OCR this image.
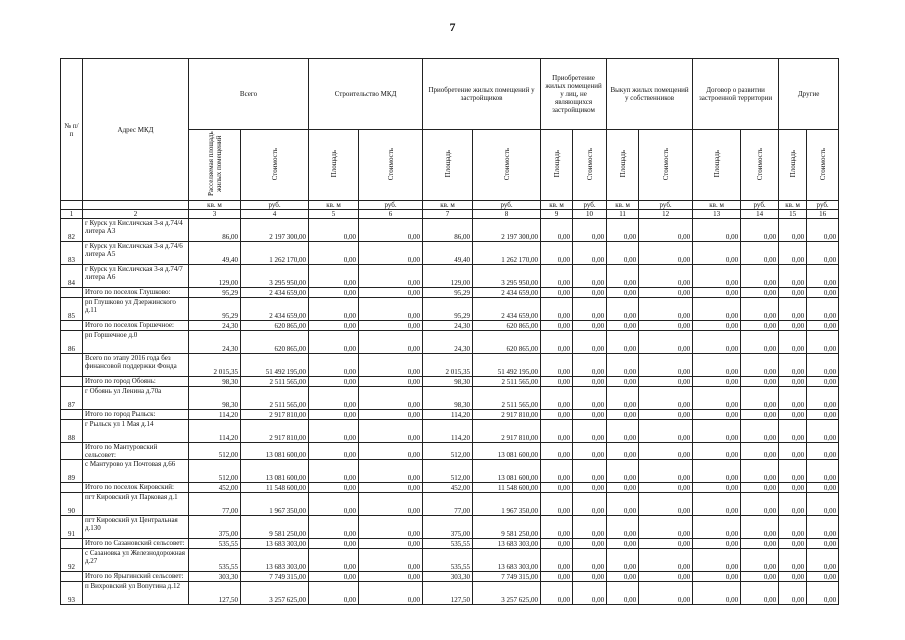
7
№ п/п	Адрес МКД	Всего		Строительство МКД		Приобретение жилых помещений у застройщиков		Приобретение жилых помещений у лиц, не являющихся застройщиком		Выкуп жилых помещений у собственников		Договор о развитии застроенной территории		Другие	
		Расселяемая площадь жилых помещений	Стоимость	Площадь	Стоимость	Площадь	Стоимость	Площадь	Стоимость	Площадь	Стоимость	Площадь	Стоимость	Площадь	Стоимость
		кв. м	руб.	кв. м	руб.	кв. м	руб.	кв. м	руб.	кв. м	руб.	кв. м	руб.	кв. м	руб.
1	2	3	4	5	6	7	8	9	10	11	12	13	14	15	16
82	г Курск ул Кисличская 3-я д.74/4 литера А3	86,00	2 197 300,00	0,00	0,00	86,00	2 197 300,00	0,00	0,00	0,00	0,00	0,00	0,00	0,00	0,00
83	г Курск ул Кисличская 3-я д.74/6 литера А5	49,40	1 262 170,00	0,00	0,00	49,40	1 262 170,00	0,00	0,00	0,00	0,00	0,00	0,00	0,00	0,00
84	г Курск ул Кисличская 3-я д.74/7 литера А6	129,00	3 295 950,00	0,00	0,00	129,00	3 295 950,00	0,00	0,00	0,00	0,00	0,00	0,00	0,00	0,00
	Итого по поселок Глушково:	95,29	2 434 659,00	0,00	0,00	95,29	2 434 659,00	0,00	0,00	0,00	0,00	0,00	0,00	0,00	0,00
85	рп Глушково ул Дзержинского д.11	95,29	2 434 659,00	0,00	0,00	95,29	2 434 659,00	0,00	0,00	0,00	0,00	0,00	0,00	0,00	0,00
	Итого по поселок Горшечное:	24,30	620 865,00	0,00	0,00	24,30	620 865,00	0,00	0,00	0,00	0,00	0,00	0,00	0,00	0,00
86	рп Горшечное д.0	24,30	620 865,00	0,00	0,00	24,30	620 865,00	0,00	0,00	0,00	0,00	0,00	0,00	0,00	0,00
	Всего по этапу 2016 года без финансовой поддержки Фонда	2 015,35	51 492 195,00	0,00	0,00	2 015,35	51 492 195,00	0,00	0,00	0,00	0,00	0,00	0,00	0,00	0,00
	Итого по город Обоянь:	98,30	2 511 565,00	0,00	0,00	98,30	2 511 565,00	0,00	0,00	0,00	0,00	0,00	0,00	0,00	0,00
87	г Обоянь ул Ленина д.70а	98,30	2 511 565,00	0,00	0,00	98,30	2 511 565,00	0,00	0,00	0,00	0,00	0,00	0,00	0,00	0,00
	Итого по город Рыльск:	114,20	2 917 810,00	0,00	0,00	114,20	2 917 810,00	0,00	0,00	0,00	0,00	0,00	0,00	0,00	0,00
88	г Рыльск ул 1 Мая д.14	114,20	2 917 810,00	0,00	0,00	114,20	2 917 810,00	0,00	0,00	0,00	0,00	0,00	0,00	0,00	0,00
	Итого по Мантуровский сельсовет:	512,00	13 081 600,00	0,00	0,00	512,00	13 081 600,00	0,00	0,00	0,00	0,00	0,00	0,00	0,00	0,00
89	с Мантурово ул Почтовая д.66	512,00	13 081 600,00	0,00	0,00	512,00	13 081 600,00	0,00	0,00	0,00	0,00	0,00	0,00	0,00	0,00
	Итого по поселок Кировский:	452,00	11 548 600,00	0,00	0,00	452,00	11 548 600,00	0,00	0,00	0,00	0,00	0,00	0,00	0,00	0,00
90	пгт Кировский ул Парковая д.1	77,00	1 967 350,00	0,00	0,00	77,00	1 967 350,00	0,00	0,00	0,00	0,00	0,00	0,00	0,00	0,00
91	пгт Кировский ул Центральная д.130	375,00	9 581 250,00	0,00	0,00	375,00	9 581 250,00	0,00	0,00	0,00	0,00	0,00	0,00	0,00	0,00
	Итого по Сазановский сельсовет:	535,55	13 683 303,00	0,00	0,00	535,55	13 683 303,00	0,00	0,00	0,00	0,00	0,00	0,00	0,00	0,00
92	с Сазановка ул Железнодорожная д.27	535,55	13 683 303,00	0,00	0,00	535,55	13 683 303,00	0,00	0,00	0,00	0,00	0,00	0,00	0,00	0,00
	Итого по Ярыгинский сельсовет:	303,30	7 749 315,00	0,00	0,00	303,30	7 749 315,00	0,00	0,00	0,00	0,00	0,00	0,00	0,00	0,00
93	п Вихровский ул Вопутина д.12	127,50	3 257 625,00	0,00	0,00	127,50	3 257 625,00	0,00	0,00	0,00	0,00	0,00	0,00	0,00	0,00
